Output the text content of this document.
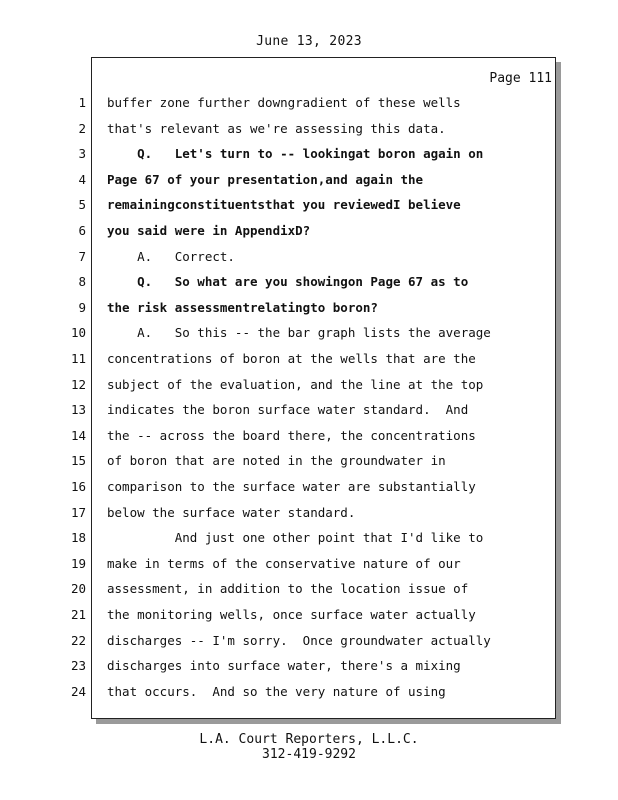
June 13, 2023
Page 111
1 buffer zone further downgradient of these wells
2 that's relevant as we're assessing this data.
3 Q.   Let's turn to -- lookingat boron again on
4 Page 67 of your presentation,and again the
5 remainingconstituentsthat you reviewedI believe
6 you said were in AppendixD?
7 A.   Correct.
8 Q.   So what are you showingon Page 67 as to
9 the risk assessmentrelatingto boron?
10 A.   So this -- the bar graph lists the average
11 concentrations of boron at the wells that are the
12 subject of the evaluation, and the line at the top
13 indicates the boron surface water standard.  And
14 the -- across the board there, the concentrations
15 of boron that are noted in the groundwater in
16 comparison to the surface water are substantially
17 below the surface water standard.
18 And just one other point that I'd like to
19 make in terms of the conservative nature of our
20 assessment, in addition to the location issue of
21 the monitoring wells, once surface water actually
22 discharges -- I'm sorry.  Once groundwater actually
23 discharges into surface water, there's a mixing
24 that occurs.  And so the very nature of using
L.A. Court Reporters, L.L.C.
312-419-9292
